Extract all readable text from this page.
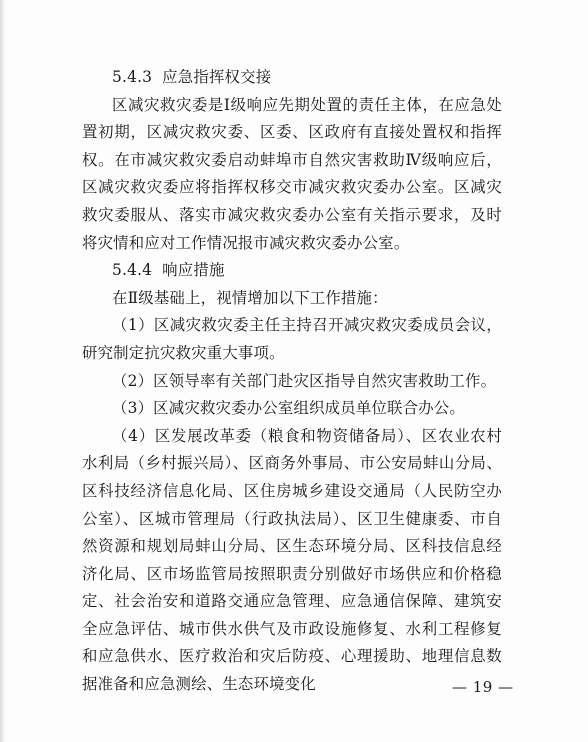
5.4.3 应急指挥权交接

区减灾救灾委是Ⅰ级响应先期处置的责任主体，在应急处置初期，区减灾救灾委、区委、区政府有直接处置权和指挥权。在市减灾救灾委启动蚌埠市自然灾害救助Ⅳ级响应后，区减灾救灾委应将指挥权移交市减灾救灾委办公室。区减灾救灾委服从、落实市减灾救灾委办公室有关指示要求，及时将灾情和应对工作情况报市减灾救灾委办公室。

5.4.4 响应措施

在Ⅱ级基础上，视情增加以下工作措施：

（1）区减灾救灾委主任主持召开减灾救灾委成员会议，研究制定抗灾救灾重大事项。

（2）区领导率有关部门赴灾区指导自然灾害救助工作。

（3）区减灾救灾委办公室组织成员单位联合办公。

（4）区发展改革委（粮食和物资储备局）、区农业农村水利局（乡村振兴局）、区商务外事局、市公安局蚌山分局、区科技经济信息化局、区住房城乡建设交通局（人民防空办公室）、区城市管理局（行政执法局）、区卫生健康委、市自然资源和规划局蚌山分局、区生态环境分局、区科技信息经济化局、区市场监管局按照职责分别做好市场供应和价格稳定、社会治安和道路交通应急管理、应急通信保障、建筑安全应急评估、城市供水供气及市政设施修复、水利工程修复和应急供水、医疗救治和灾后防疫、心理援助、地理信息数据准备和应急测绘、生态环境变化	— 19 —
